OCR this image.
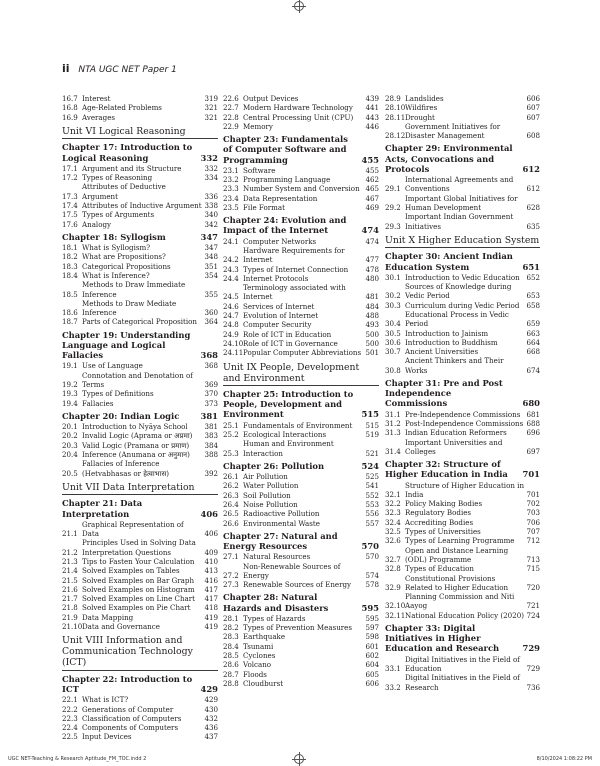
ii NTA UGC NET Paper 1
16.7 Interest	319
16.8 Age-Related Problems	321
16.9 Averages	321
Unit VI Logical Reasoning
Chapter 17: Introduction to Logical Reasoning	332
17.1 Argument and its Structure	332
17.2 Types of Reasoning	334
17.3
Attributes of Deductive Argument	336
17.4 Attributes of Inductive Argument 338
17.5 Types of Arguments	340
17.6 Analogy	342
Chapter 18: Syllogism	347
18.1 What is Syllogism?	347
18.2 What are Propositions?	348
18.3 Categorical Propositions	351
18.4 What is Inference?	354
18.5
Methods to Draw Immediate Inference	355
18.6
Methods to Draw Mediate Inference	360
18.7 Parts of Categorical Proposition	364
Chapter 19: Understanding Language and Logical Fallacies	368
19.1 Use of Language	368
19.2
Connotation and Denotation of Terms	369
19.3 Types of Definitions	370
19.4 Fallacies	373
Chapter 20: Indian Logic	381
20.1 Introduction to Nyāya School	381
20.2 Invalid Logic (Aprama or अप्रमा)	383
20.3 Valid Logic (Pramana or प्रमाण)	384
20.4 Inference (Anumana or अनुमान)	388
20.5
Fallacies of Inference (Hetvabhasas or हेत्वाभास)	392
Unit VII Data Interpretation
Chapter 21: Data Interpretation	406
21.1
Graphical Representation of Data	406
21.2
Principles Used in Solving Data Interpretation Questions	409
21.3 Tips to Fasten Your Calculation	410
21.4 Solved Examples on Tables	413
21.5 Solved Examples on Bar Graph	416
21.6 Solved Examples on Histogram	417
21.7 Solved Examples on Line Chart	417
21.8 Solved Examples on Pie Chart	418
21.9 Data Mapping	419
21.10 Data and Governance	419
Unit VIII Information and Communication Technology (ICT)
Chapter 22: Introduction to ICT	429
22.1 What is ICT?	429
22.2 Generations of Computer	430
22.3 Classification of Computers	432
22.4 Components of Computers	436
22.5 Input Devices	437
22.6 Output Devices	439
22.7 Modern Hardware Technology	441
22.8 Central Processing Unit (CPU)	443
22.9 Memory	446
Chapter 23: Fundamentals of Computer Software and Programming	455
23.1 Software	455
23.2 Programming Language	462
23.3 Number System and Conversion 465
23.4 Data Representation	467
23.5 File Format	469
Chapter 24: Evolution and Impact of the Internet	474
24.1 Computer Networks	474
24.2
Hardware Requirements for Internet	477
24.3 Types of Internet Connection	478
24.4 Internet Protocols	480
24.5
Terminology associated with Internet	481
24.6 Services of Internet	484
24.7 Evolution of Internet	488
24.8 Computer Security	493
24.9 Role of ICT in Education	500
24.10 Role of ICT in Governance	500
24.11 Popular Computer Abbreviations 501
Unit IX People, Development and Environment
Chapter 25: Introduction to People, Development and Environment	515
25.1 Fundamentals of Environment	515
25.2 Ecological Interactions	519
25.3
Human and Environment Interaction	521
Chapter 26: Pollution	524
26.1 Air Pollution	525
26.2 Water Pollution	541
26.3 Soil Pollution	552
26.4 Noise Pollution	553
26.5 Radioactive Pollution	556
26.6 Environmental Waste	557
Chapter 27: Natural and Energy Resources	570
27.1 Natural Resources	570
27.2
Non-Renewable Sources of Energy	574
27.3 Renewable Sources of Energy	578
Chapter 28: Natural Hazards and Disasters	595
28.1 Types of Hazards	595
28.2 Types of Prevention Measures	597
28.3 Earthquake	598
28.4 Tsunami	601
28.5 Cyclones	602
28.6 Volcano	604
28.7 Floods	605
28.8 Cloudburst	606
28.9 Landslides	606
28.10 Wildfires	607
28.11 Drought	607
28.12
Government Initiatives for Disaster Management	608
Chapter 29: Environmental Acts, Convocations and Protocols	612
29.1
International Agreements and Conventions	612
29.2
Important Global Initiatives for Human Development	628
29.3
Important Indian Government Initiatives	635
Unit X Higher Education System
Chapter 30: Ancient Indian Education System	651
30.1 Introduction to Vedic Education 652
30.2
Sources of Knowledge during Vedic Period	653
30.3 Curriculum during Vedic Period 658
30.4
Educational Process in Vedic Period	659
30.5 Introduction to Jainism	663
30.6 Introduction to Buddhism	664
30.7 Ancient Universities	668
30.8
Ancient Thinkers and Their Works	674
Chapter 31: Pre and Post Independence Commissions	680
31.1 Pre-Independence Commissions 681
31.2 Post-Independence Commissions 688
31.3 Indian Education Reformers	696
31.4
Important Universities and Colleges	697
Chapter 32: Structure of Higher Education in India	701
32.1
Structure of Higher Education in India	701
32.2 Policy Making Bodies	702
32.3 Regulatory Bodies	703
32.4 Accrediting Bodies	706
32.5 Types of Universities	707
32.6 Types of Learning Programme	712
32.7
Open and Distance Learning (ODL) Programme	713
32.8 Types of Education	715
32.9
Constitutional Provisions Related to Higher Education	720
32.10
Planning Commission and Niti Aayog	721
32.11 National Education Policy (2020) 724
Chapter 33: Digital Initiatives in Higher Education and Research	729
33.1
Digital Initiatives in the Field of Education	729
33.2
Digital Initiatives in the Field of Research	736
UGC NET-Teaching & Research Aptitude_FM_TOC.indd 2	8/10/2024 1:08:22 PM
